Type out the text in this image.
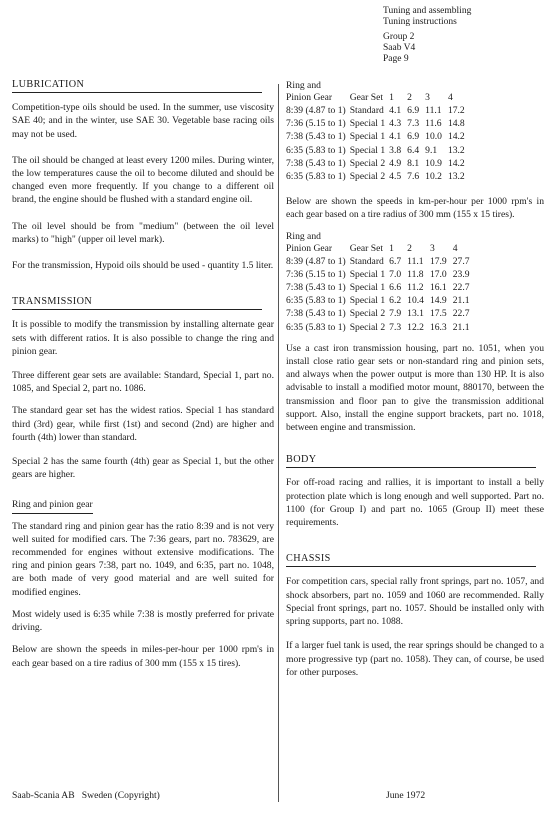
Tuning and assembling
Tuning instructions
Group 2
Saab V4
Page 9
LUBRICATION

Competition-type oils should be used. In the summer, use viscosity SAE 40; and in the winter, use SAE 30. Vegetable base racing oils may not be used.

The oil should be changed at least every 1200 miles. During winter, the low temperatures cause the oil to become diluted and should be changed even more frequently. If you change to a different oil brand, the engine should be flushed with a standard engine oil.

The oil level should be from "medium" (between the oil level marks) to "high" (upper oil level mark).

For the transmission, Hypoid oils should be used - quantity 1.5 liter.

TRANSMISSION

It is possible to modify the transmission by installing alternate gear sets with different ratios. It is also possible to change the ring and pinion gear.

Three different gear sets are available: Standard, Special 1, part no. 1085, and Special 2, part no. 1086.

The standard gear set has the widest ratios. Special 1 has standard third (3rd) gear, while first (1st) and second (2nd) are higher and fourth (4th) lower than standard.

Special 2 has the same fourth (4th) gear as Special 1, but the other gears are higher.

Ring and pinion gear

The standard ring and pinion gear has the ratio 8:39 and is not very well suited for modified cars. The 7:36 gears, part no. 783629, are recommended for engines without extensive modifications. The ring and pinion gears 7:38, part no. 1049, and 6:35, part no. 1048, are both made of very good material and are well suited for modified engines.

Most widely used is 6:35 while 7:38 is mostly preferred for private driving.

Below are shown the speeds in miles-per-hour per 1000 rpm's in each gear based on a tire radius of 300 mm (155 x 15 tires).

Ring and					
Pinion Gear	Gear Set	1	2	3	4
8:39 (4.87 to 1)	Standard	4.1	6.9	11.1	17.2
7:36 (5.15 to 1)	Special 1	4.3	7.3	11.6	14.8
7:38 (5.43 to 1)	Special 1	4.1	6.9	10.0	14.2
6:35 (5.83 to 1)	Special 1	3.8	6.4	9.1	13.2
7:38 (5.43 to 1)	Special 2	4.9	8.1	10.9	14.2
6:35 (5.83 to 1)	Special 2	4.5	7.6	10.2	13.2

Below are shown the speeds in km-per-hour per 1000 rpm's in each gear based on a tire radius of 300 mm (155 x 15 tires).

Ring and					
Pinion Gear	Gear Set	1	2	3	4
8:39 (4.87 to 1)	Standard	6.7	11.1	17.9	27.7
7:36 (5.15 to 1)	Special 1	7.0	11.8	17.0	23.9
7:38 (5.43 to 1)	Special 1	6.6	11.2	16.1	22.7
6:35 (5.83 to 1)	Special 1	6.2	10.4	14.9	21.1
7:38 (5.43 to 1)	Special 2	7.9	13.1	17.5	22.7
6:35 (5.83 to 1)	Special 2	7.3	12.2	16.3	21.1

Use a cast iron transmission housing, part no. 1051, when you install close ratio gear sets or non-standard ring and pinion sets, and always when the power output is more than 130 HP. It is also advisable to install a modified motor mount, 880170, between the transmission and floor pan to give the transmission additional support. Also, install the engine support brackets, part no. 1018, between engine and transmission.

BODY

For off-road racing and rallies, it is important to install a belly protection plate which is long enough and well supported. Part no. 1100 (for Group I) and part no. 1065 (Group II) meet these requirements.

CHASSIS

For competition cars, special rally front springs, part no. 1057, and shock absorbers, part no. 1059 and 1060 are recommended. Rally Special front springs, part no. 1057. Should be installed only with spring supports, part no. 1088.

If a larger fuel tank is used, the rear springs should be changed to a more progressive typ (part no. 1058). They can, of course, be used for other purposes.

Saab-Scania AB   Sweden (Copyright)	June 1972
